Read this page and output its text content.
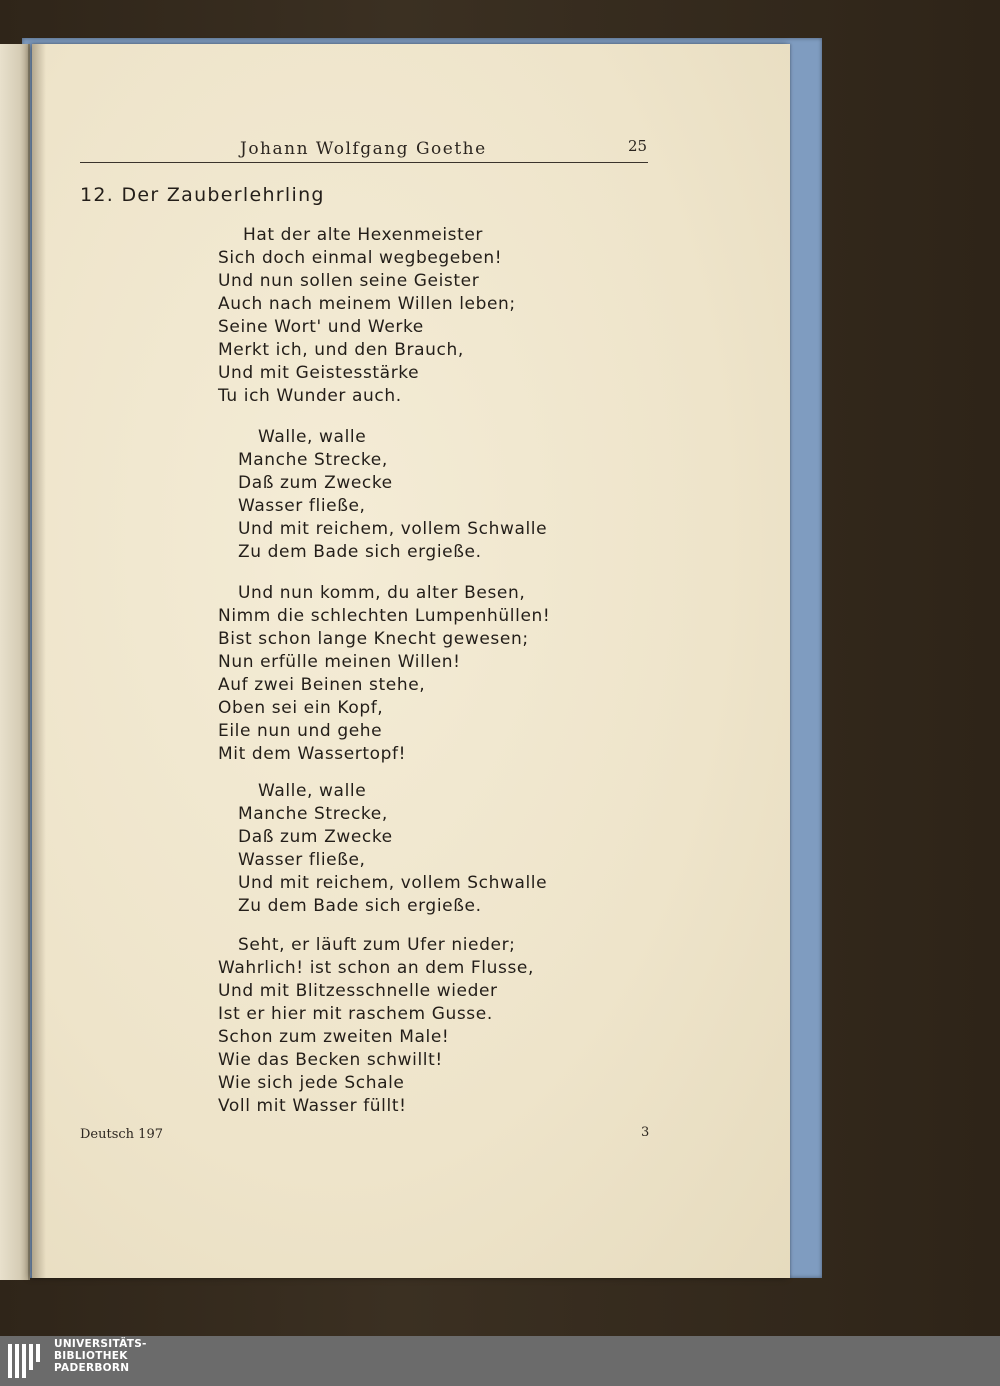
Johann Wolfgang Goethe	25
12. Der Zauberlehrling
Hat der alte Hexenmeister
Sich doch einmal wegbegeben!
Und nun sollen seine Geister
Auch nach meinem Willen leben;
Seine Wort' und Werke
Merkt ich, und den Brauch,
Und mit Geistesstärke
Tu ich Wunder auch.
Walle, walle
Manche Strecke,
Daß zum Zwecke
Wasser fließe,
Und mit reichem, vollem Schwalle
Zu dem Bade sich ergieße.
Und nun komm, du alter Besen,
Nimm die schlechten Lumpenhüllen!
Bist schon lange Knecht gewesen;
Nun erfülle meinen Willen!
Auf zwei Beinen stehe,
Oben sei ein Kopf,
Eile nun und gehe
Mit dem Wassertopf!
Walle, walle
Manche Strecke,
Daß zum Zwecke
Wasser fließe,
Und mit reichem, vollem Schwalle
Zu dem Bade sich ergieße.
Seht, er läuft zum Ufer nieder;
Wahrlich! ist schon an dem Flusse,
Und mit Blitzesschnelle wieder
Ist er hier mit raschem Gusse.
Schon zum zweiten Male!
Wie das Becken schwillt!
Wie sich jede Schale
Voll mit Wasser füllt!
Deutsch 197	3
UNIVERSITÄTS-
BIBLIOTHEK
PADERBORN
